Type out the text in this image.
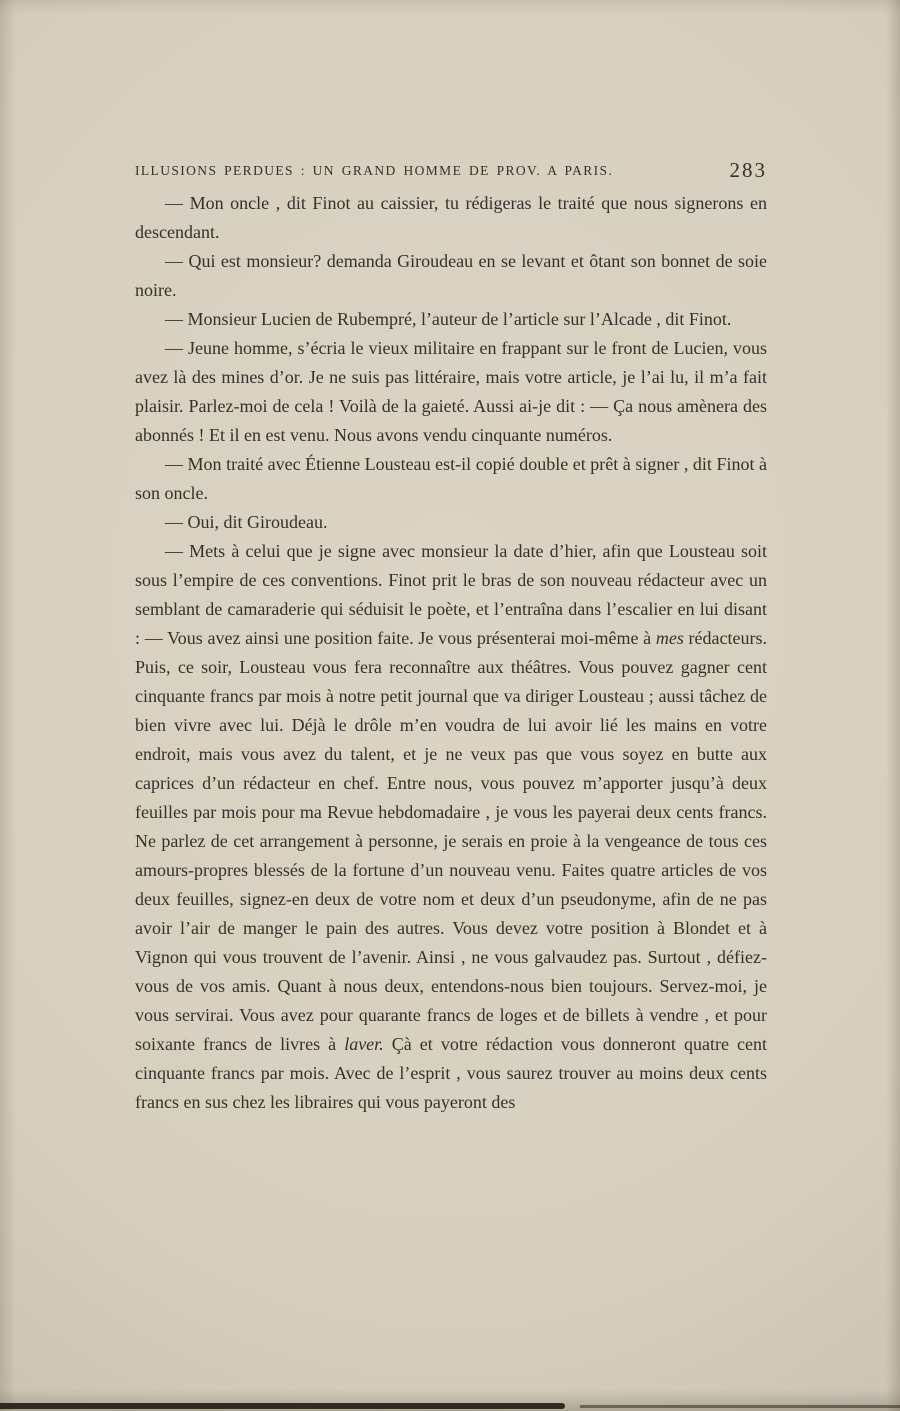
ILLUSIONS PERDUES : UN GRAND HOMME DE PROV. A PARIS.	283

— Mon oncle , dit Finot au caissier, tu rédigeras le traité que nous signerons en descendant.

— Qui est monsieur? demanda Giroudeau en se levant et ôtant son bonnet de soie noire.

— Monsieur Lucien de Rubempré, l’auteur de l’article sur l’Alcade , dit Finot.

— Jeune homme, s’écria le vieux militaire en frappant sur le front de Lucien, vous avez là des mines d’or. Je ne suis pas littéraire, mais votre article, je l’ai lu, il m’a fait plaisir. Parlez-moi de cela ! Voilà de la gaieté. Aussi ai-je dit : — Ça nous amènera des abonnés ! Et il en est venu. Nous avons vendu cinquante numéros.

— Mon traité avec Étienne Lousteau est-il copié double et prêt à signer , dit Finot à son oncle.

— Oui, dit Giroudeau.

— Mets à celui que je signe avec monsieur la date d’hier, afin que Lousteau soit sous l’empire de ces conventions. Finot prit le bras de son nouveau rédacteur avec un semblant de camaraderie qui séduisit le poète, et l’entraîna dans l’escalier en lui disant : — Vous avez ainsi une position faite. Je vous présenterai moi-même à mes rédacteurs. Puis, ce soir, Lousteau vous fera reconnaître aux théâtres. Vous pouvez gagner cent cinquante francs par mois à notre petit journal que va diriger Lousteau ; aussi tâchez de bien vivre avec lui. Déjà le drôle m’en voudra de lui avoir lié les mains en votre endroit, mais vous avez du talent, et je ne veux pas que vous soyez en butte aux caprices d’un rédacteur en chef. Entre nous, vous pouvez m’apporter jusqu’à deux feuilles par mois pour ma Revue hebdomadaire , je vous les payerai deux cents francs. Ne parlez de cet arrangement à personne, je serais en proie à la vengeance de tous ces amours-propres blessés de la fortune d’un nouveau venu. Faites quatre articles de vos deux feuilles, signez-en deux de votre nom et deux d’un pseudonyme, afin de ne pas avoir l’air de manger le pain des autres. Vous devez votre position à Blondet et à Vignon qui vous trouvent de l’avenir. Ainsi , ne vous galvaudez pas. Surtout , défiez-vous de vos amis. Quant à nous deux, entendons-nous bien toujours. Servez-moi, je vous servirai. Vous avez pour quarante francs de loges et de billets à vendre , et pour soixante francs de livres à laver. Çà et votre rédaction vous donneront quatre cent cinquante francs par mois. Avec de l’esprit , vous saurez trouver au moins deux cents francs en sus chez les libraires qui vous payeront des
